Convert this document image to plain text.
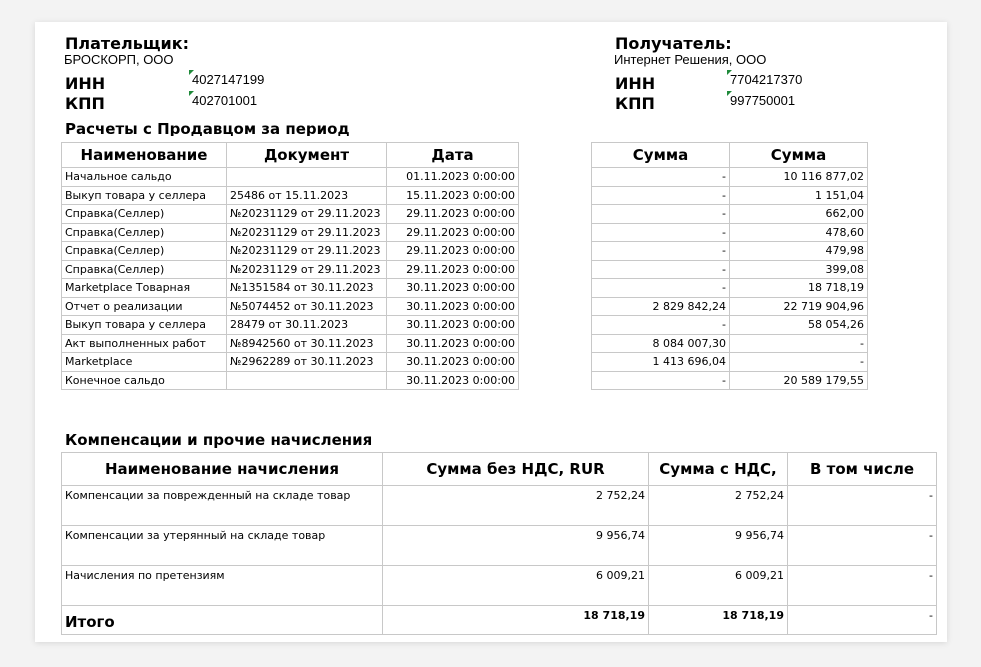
Плательщик:
БРОСКОРП, ООО
ИНН	4027147199
КПП	402701001
Получатель:
Интернет Решения, ООО
ИНН	7704217370
КПП	997750001
Расчеты с Продавцом за период
Наименование	Документ	Дата
Начальное сальдо		01.11.2023 0:00:00
Выкуп товара у селлера	25486 от 15.11.2023	15.11.2023 0:00:00
Справка(Селлер)	№20231129 от 29.11.2023	29.11.2023 0:00:00
Справка(Селлер)	№20231129 от 29.11.2023	29.11.2023 0:00:00
Справка(Селлер)	№20231129 от 29.11.2023	29.11.2023 0:00:00
Справка(Селлер)	№20231129 от 29.11.2023	29.11.2023 0:00:00
Marketplace Товарная	№1351584 от 30.11.2023	30.11.2023 0:00:00
Отчет о реализации	№5074452 от 30.11.2023	30.11.2023 0:00:00
Выкуп товара у селлера	28479 от 30.11.2023	30.11.2023 0:00:00
Акт выполненных работ	№8942560 от 30.11.2023	30.11.2023 0:00:00
Marketplace	№2962289 от 30.11.2023	30.11.2023 0:00:00
Конечное сальдо		30.11.2023 0:00:00
Сумма	Сумма
-	10 116 877,02
-	1 151,04
-	662,00
-	478,60
-	479,98
-	399,08
-	18 718,19
2 829 842,24	22 719 904,96
-	58 054,26
8 084 007,30	-
1 413 696,04	-
-	20 589 179,55
Компенсации и прочие начисления
Наименование начисления	Сумма без НДС, RUR	Сумма с НДС,	В том числе
Компенсации за поврежденный на складе товар	2 752,24	2 752,24	-
Компенсации за утерянный на складе товар	9 956,74	9 956,74	-
Начисления по претензиям	6 009,21	6 009,21	-
Итого	18 718,19	18 718,19	-
